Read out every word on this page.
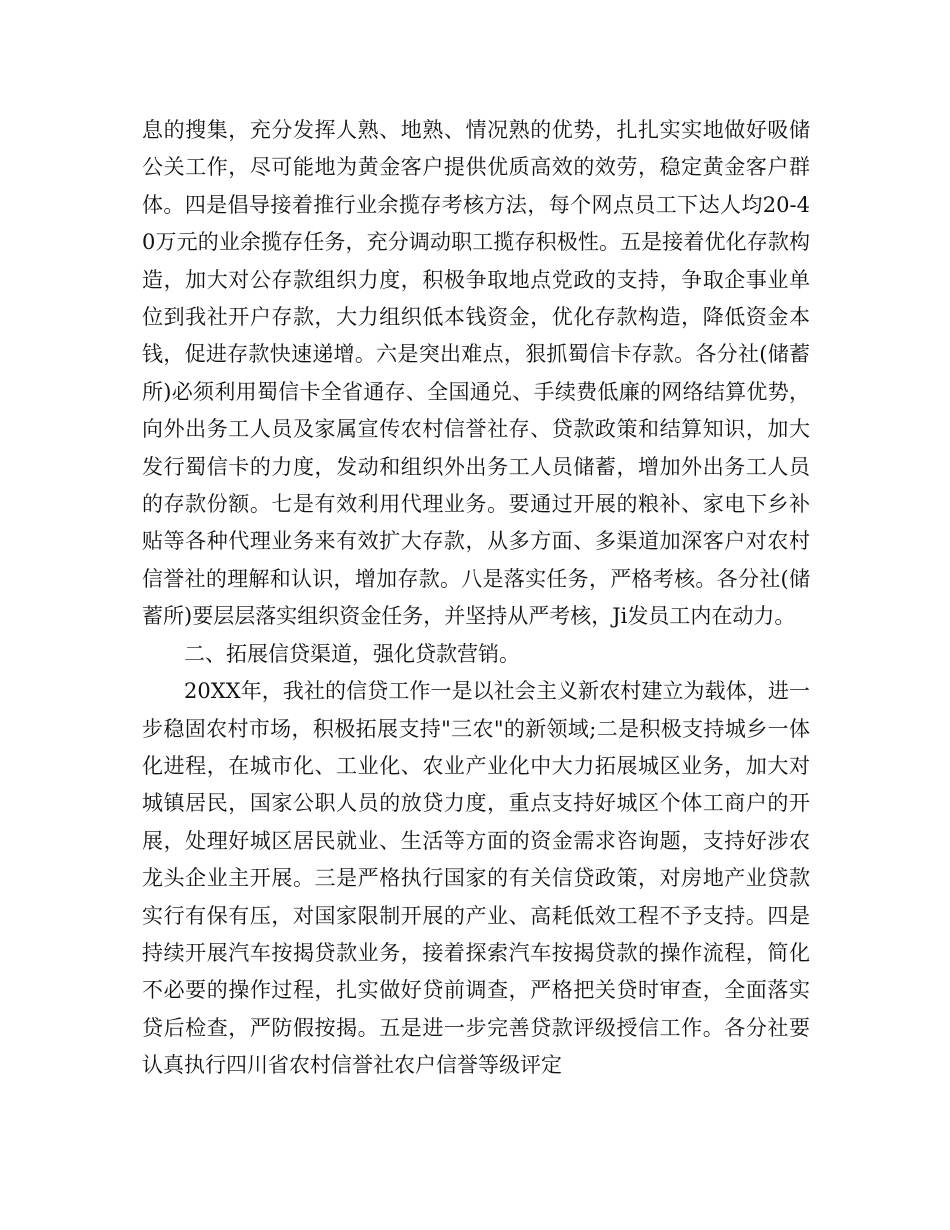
息的搜集，充分发挥人熟、地熟、情况熟的优势，扎扎实实地做好吸储公关工作，尽可能地为黄金客户提供优质高效的效劳，稳定黄金客户群体。四是倡导接着推行业余揽存考核方法，每个网点员工下达人均20-40万元的业余揽存任务，充分调动职工揽存积极性。五是接着优化存款构造，加大对公存款组织力度，积极争取地点党政的支持，争取企事业单位到我社开户存款，大力组织低本钱资金，优化存款构造，降低资金本钱，促进存款快速递增。六是突出难点，狠抓蜀信卡存款。各分社(储蓄所)必须利用蜀信卡全省通存、全国通兑、手续费低廉的网络结算优势，向外出务工人员及家属宣传农村信誉社存、贷款政策和结算知识，加大发行蜀信卡的力度，发动和组织外出务工人员储蓄，增加外出务工人员的存款份额。七是有效利用代理业务。要通过开展的粮补、家电下乡补贴等各种代理业务来有效扩大存款，从多方面、多渠道加深客户对农村信誉社的理解和认识，增加存款。八是落实任务，严格考核。各分社(储蓄所)要层层落实组织资金任务，并坚持从严考核，Ji发员工内在动力。

二、拓展信贷渠道，强化贷款营销。

20XX年，我社的信贷工作一是以社会主义新农村建立为载体，进一步稳固农村市场，积极拓展支持"三农"的新领域;二是积极支持城乡一体化进程，在城市化、工业化、农业产业化中大力拓展城区业务，加大对城镇居民，国家公职人员的放贷力度，重点支持好城区个体工商户的开展，处理好城区居民就业、生活等方面的资金需求咨询题，支持好涉农龙头企业主开展。三是严格执行国家的有关信贷政策，对房地产业贷款实行有保有压，对国家限制开展的产业、高耗低效工程不予支持。四是持续开展汽车按揭贷款业务，接着探索汽车按揭贷款的操作流程，简化不必要的操作过程，扎实做好贷前调查，严格把关贷时审查，全面落实贷后检查，严防假按揭。五是进一步完善贷款评级授信工作。各分社要认真执行四川省农村信誉社农户信誉等级评定
